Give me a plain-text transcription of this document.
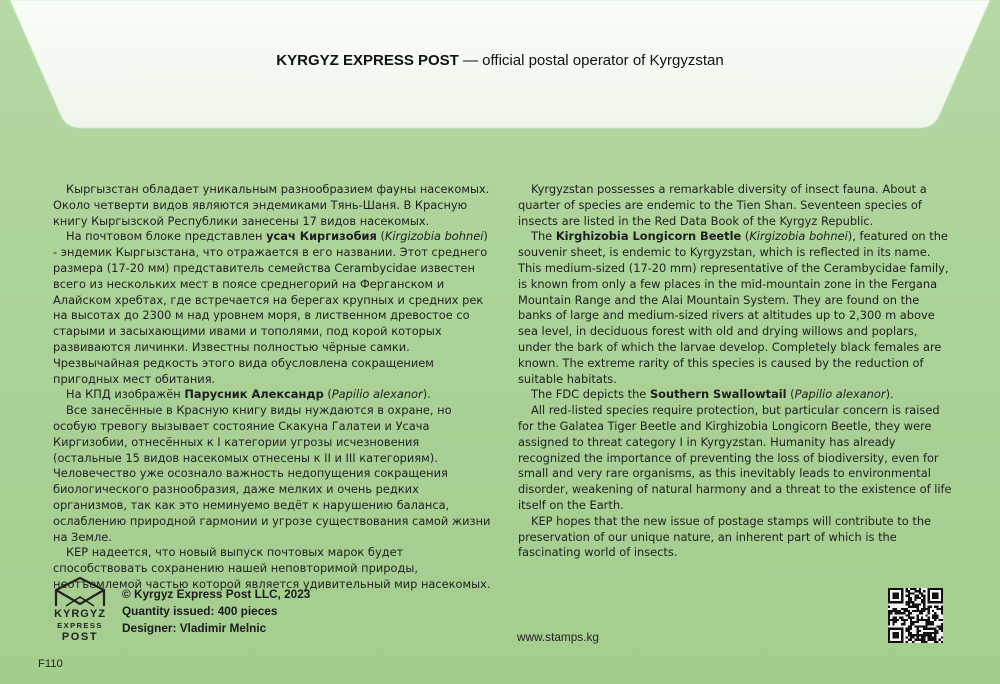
KYRGYZ EXPRESS POST — official postal operator of Kyrgyzstan

Кыргызстан обладает уникальным разнообразием фауны насекомых. Около четверти видов являются эндемиками Тянь-Шаня. В Красную книгу Кыргызской Республики занесены 17 видов насекомых.

На почтовом блоке представлен усач Киргизобия (Kirgizobia bohnei) - эндемик Кыргызстана, что отражается в его названии. Этот среднего размера (17-20 мм) представитель семейства Cerambycidae известен всего из нескольких мест в поясе среднегорий на Ферганском и Алайском хребтах, где встречается на берегах крупных и средних рек на высотах до 2300 м над уровнем моря, в лиственном древостое со старыми и засыхающими ивами и тополями, под корой которых развиваются личинки. Известны полностью чёрные самки. Чрезвычайная редкость этого вида обусловлена сокращением пригодных мест обитания.

На КПД изображён Парусник Александр (Papilio alexanor).

Все занесённые в Красную книгу виды нуждаются в охране, но особую тревогу вызывает состояние Скакуна Галатеи и Усача Киргизобии, отнесённых к I категории угрозы исчезновения (остальные 15 видов насекомых отнесены к II и III категориям). Человечество уже осознало важность недопущения сокращения биологического разнообразия, даже мелких и очень редких организмов, так как это неминуемо ведёт к нарушению баланса, ослаблению природной гармонии и угрозе существования самой жизни на Земле.

КЕР надеется, что новый выпуск почтовых марок будет способствовать сохранению нашей неповторимой природы, неотъемлемой частью которой является удивительный мир насекомых.

Kyrgyzstan possesses a remarkable diversity of insect fauna. About a quarter of species are endemic to the Tien Shan. Seventeen species of insects are listed in the Red Data Book of the Kyrgyz Republic.

The Kirghizobia Longicorn Beetle (Kirgizobia bohnei), featured on the souvenir sheet, is endemic to Kyrgyzstan, which is reflected in its name. This medium-sized (17-20 mm) representative of the Cerambycidae family, is known from only a few places in the mid-mountain zone in the Fergana Mountain Range and the Alai Mountain System. They are found on the banks of large and medium-sized rivers at altitudes up to 2,300 m above sea level, in deciduous forest with old and drying willows and poplars, under the bark of which the larvae develop. Completely black females are known. The extreme rarity of this species is caused by the reduction of suitable habitats.

The FDC depicts the Southern Swallowtail (Papilio alexanor).

All red-listed species require protection, but particular concern is raised for the Galatea Tiger Beetle and Kirghizobia Longicorn Beetle, they were assigned to threat category I in Kyrgyzstan. Humanity has already recognized the importance of preventing the loss of biodiversity, even for small and very rare organisms, as this inevitably leads to environmental disorder, weakening of natural harmony and a threat to the existence of life itself on the Earth.

KEP hopes that the new issue of postage stamps will contribute to the preservation of our unique nature, an inherent part of which is the fascinating world of insects.

KYRGYZ
EXPRESS
POST
© Kyrgyz Express Post LLC, 2023
Quantity issued: 400 pieces
Designer: Vladimir Melnic
F110
www.stamps.kg
